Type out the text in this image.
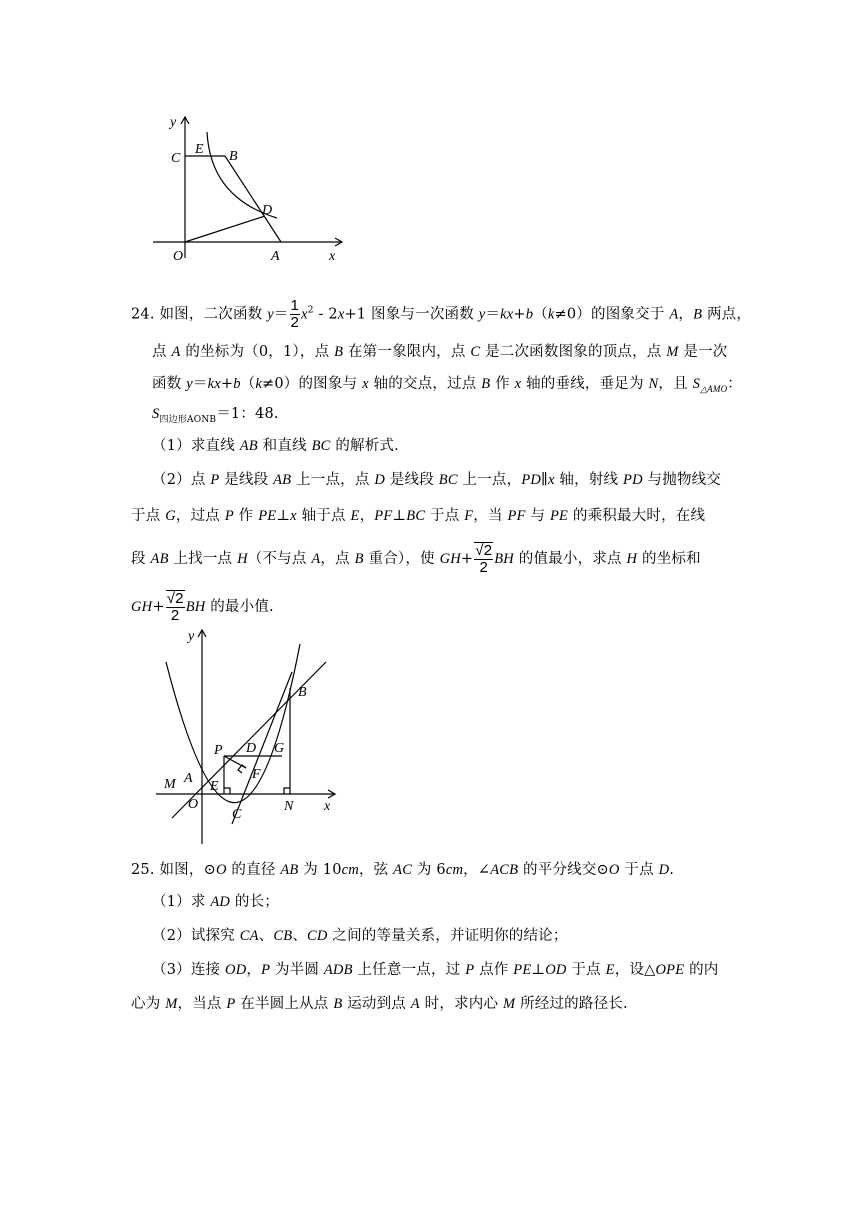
y
x
O	A
C
E B
D
24. 如图，二次函数 $y= \frac{1}{2} x^2 - 2x+1$ 图象与一次函数 y＝kx+b（k≠0）的图象交于 A，B 两点，
点 A 的坐标为（0，1），点 B 在第一象限内，点 C 是二次函数图象的顶点，点 M 是一次
函数 y＝kx+b（k≠0）的图象与 x 轴的交点，过点 B 作 x 轴的垂线，垂足为 N，且 $S_{\triangle AMO}$：
$S_{四边形AONB}=1$：48.
（1）求直线 AB 和直线 BC 的解析式.
（2）点 P 是线段 AB 上一点，点 D 是线段 BC 上一点，PD∥x 轴，射线 PD 与抛物线交
于点 G，过点 P 作 PE⊥x 轴于点 E，PF⊥BC 于点 F，当 PF 与 PE 的乘积最大时，在线
段 AB 上找一点 H（不与点 A，点 B 重合），使 $GH+ \frac{√2}{2}$ BH 的值最小，求点 H 的坐标和
$GH+ \frac{√2}{2}$ BH 的最小值.
y
x
O
A
M E
C
N
P D G
F
B
25. 如图，⊙O 的直径 AB 为 10cm，弦 AC 为 6cm，∠ACB 的平分线交⊙O 于点 D.
（1）求 AD 的长；
（2）试探究 CA、CB、CD 之间的等量关系，并证明你的结论；
（3）连接 OD，P 为半圆 ADB 上任意一点，过 P 点作 PE⊥OD 于点 E，设△OPE 的内
心为 M，当点 P 在半圆上从点 B 运动到点 A 时，求内心 M 所经过的路径长.
